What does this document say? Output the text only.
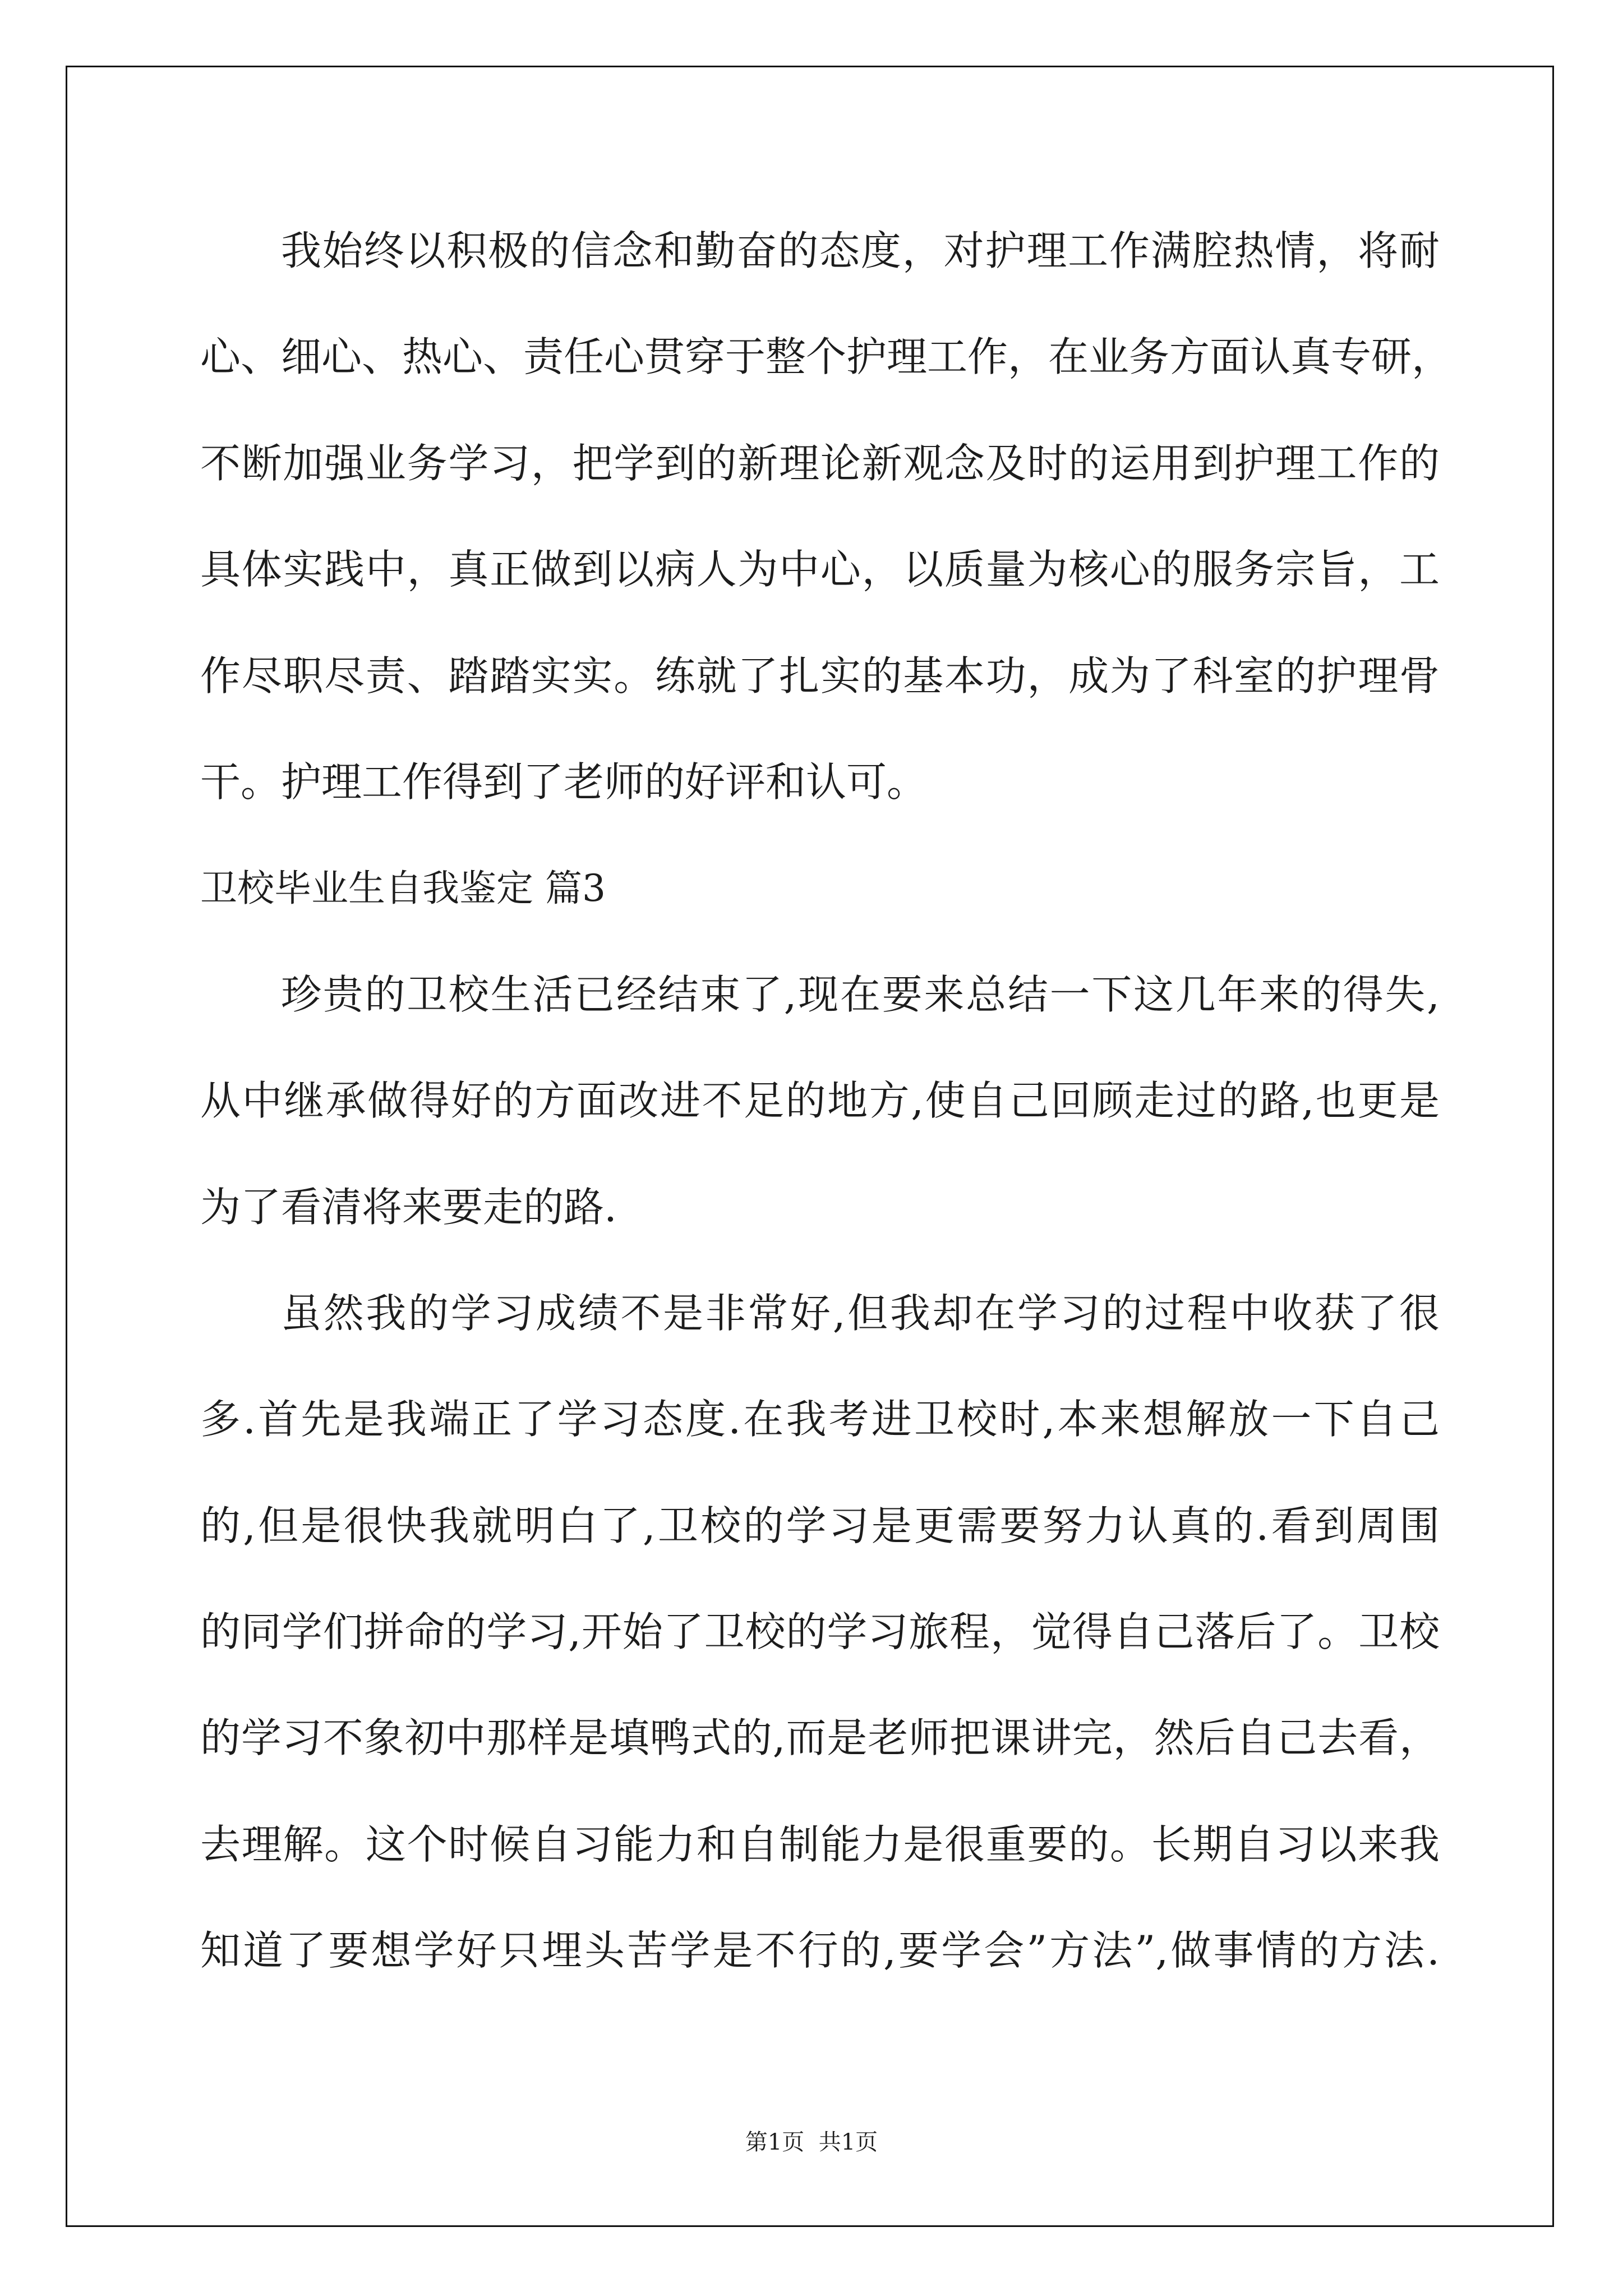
我始终以积极的信念和勤奋的态度，对护理工作满腔热情，将耐
心、细心、热心、责任心贯穿于整个护理工作，在业务方面认真专研，
不断加强业务学习，把学到的新理论新观念及时的运用到护理工作的
具体实践中，真正做到以病人为中心，以质量为核心的服务宗旨，工
作尽职尽责、踏踏实实。练就了扎实的基本功，成为了科室的护理骨
干。护理工作得到了老师的好评和认可。
卫校毕业生自我鉴定 篇3
珍贵的卫校生活已经结束了,现在要来总结一下这几年来的得失,
从中继承做得好的方面改进不足的地方,使自己回顾走过的路,也更是
为了看清将来要走的路.
虽然我的学习成绩不是非常好,但我却在学习的过程中收获了很
多.首先是我端正了学习态度.在我考进卫校时,本来想解放一下自己
的,但是很快我就明白了,卫校的学习是更需要努力认真的.看到周围
的同学们拼命的学习,开始了卫校的学习旅程，觉得自己落后了。卫校
的学习不象初中那样是填鸭式的,而是老师把课讲完，然后自己去看，
去理解。这个时候自习能力和自制能力是很重要的。长期自习以来我
知道了要想学好只埋头苦学是不行的,要学会”方法”,做事情的方法.
第1页  共1页
